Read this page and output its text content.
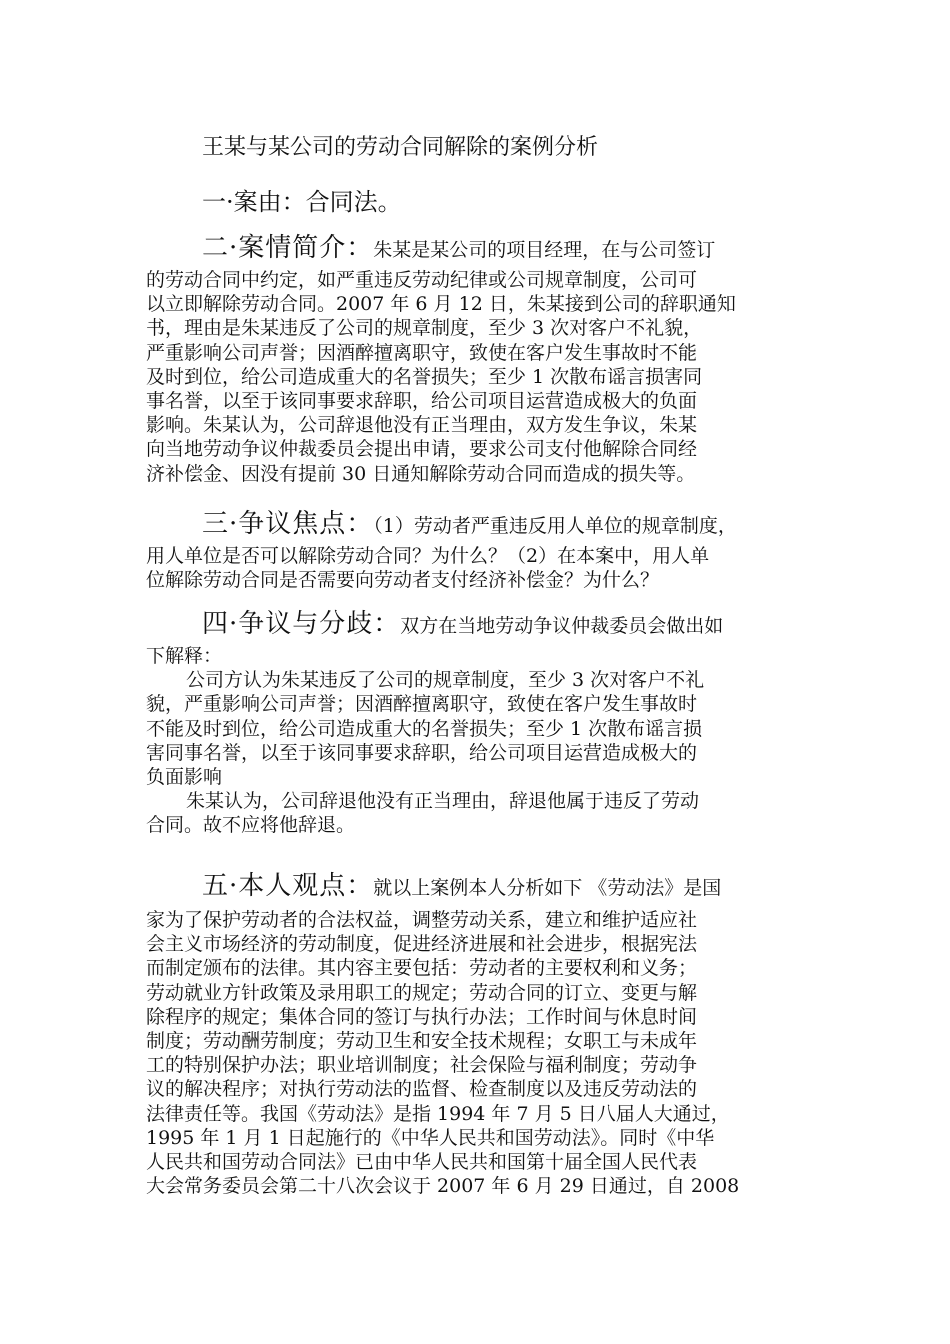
王某与某公司的劳动合同解除的案例分析
一·案由：合同法。
二·案情简介：朱某是某公司的项目经理，在与公司签订
的劳动合同中约定，如严重违反劳动纪律或公司规章制度，公司可
以立即解除劳动合同。2007 年 6 月 12 日，朱某接到公司的辞职通知
书，理由是朱某违反了公司的规章制度，至少 3 次对客户不礼貌，
严重影响公司声誉；因酒醉擅离职守，致使在客户发生事故时不能
及时到位，给公司造成重大的名誉损失；至少 1 次散布谣言损害同
事名誉，以至于该同事要求辞职，给公司项目运营造成极大的负面
影响。朱某认为，公司辞退他没有正当理由，双方发生争议，朱某
向当地劳动争议仲裁委员会提出申请，要求公司支付他解除合同经
济补偿金、因没有提前 30 日通知解除劳动合同而造成的损失等。
三·争议焦点：（1）劳动者严重违反用人单位的规章制度，
用人单位是否可以解除劳动合同？为什么？（2）在本案中，用人单
位解除劳动合同是否需要向劳动者支付经济补偿金？为什么？
四·争议与分歧：双方在当地劳动争议仲裁委员会做出如
下解释：
公司方认为朱某违反了公司的规章制度，至少 3 次对客户不礼
貌，严重影响公司声誉；因酒醉擅离职守，致使在客户发生事故时
不能及时到位，给公司造成重大的名誉损失；至少 1 次散布谣言损
害同事名誉，以至于该同事要求辞职，给公司项目运营造成极大的
负面影响
朱某认为，公司辞退他没有正当理由，辞退他属于违反了劳动
合同。故不应将他辞退。
五·本人观点：就以上案例本人分析如下 《劳动法》是国
家为了保护劳动者的合法权益，调整劳动关系，建立和维护适应社
会主义市场经济的劳动制度，促进经济进展和社会进步，根据宪法
而制定颁布的法律。其内容主要包括：劳动者的主要权利和义务；
劳动就业方针政策及录用职工的规定；劳动合同的订立、变更与解
除程序的规定；集体合同的签订与执行办法；工作时间与休息时间
制度；劳动酬劳制度；劳动卫生和安全技术规程；女职工与未成年
工的特别保护办法；职业培训制度；社会保险与福利制度；劳动争
议的解决程序；对执行劳动法的监督、检查制度以及违反劳动法的
法律责任等。我国《劳动法》是指 1994 年 7 月 5 日八届人大通过，
1995 年 1 月 1 日起施行的《中华人民共和国劳动法》。同时《中华
人民共和国劳动合同法》已由中华人民共和国第十届全国人民代表
大会常务委员会第二十八次会议于 2007 年 6 月 29 日通过，自 2008
